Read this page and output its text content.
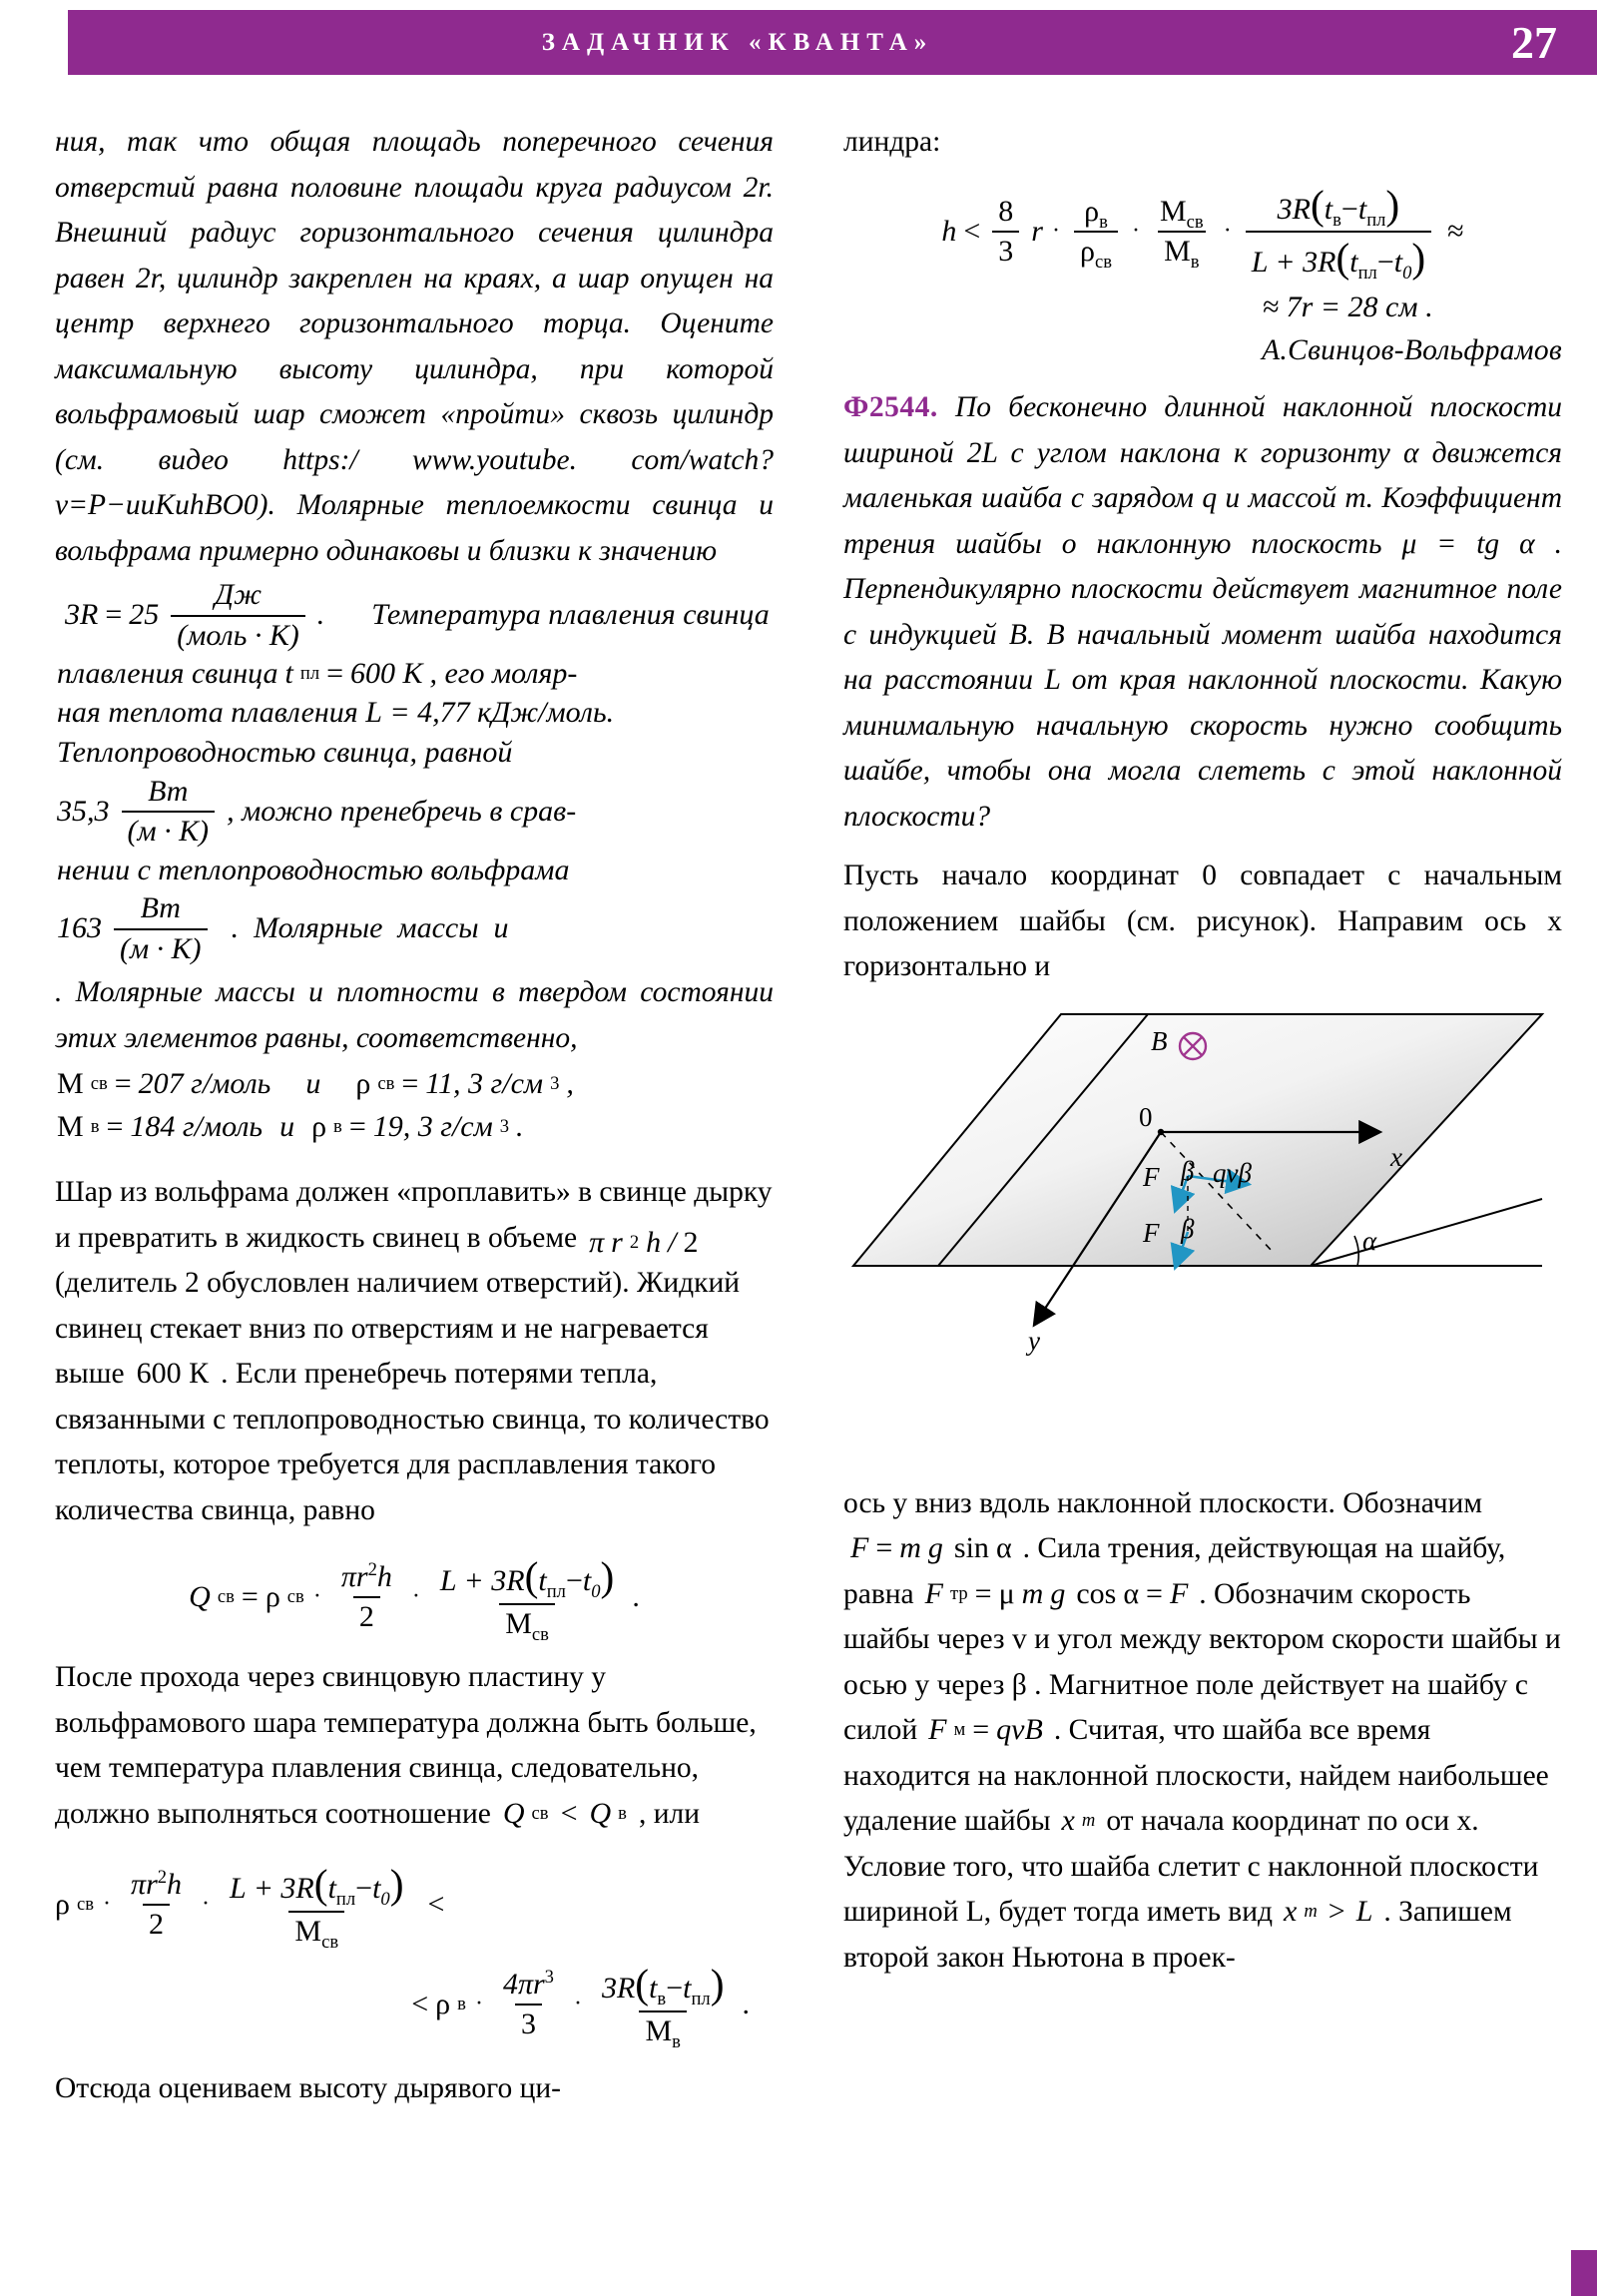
ЗАДАЧНИК «КВАНТА»	27

ния, так что общая площадь поперечного сечения отверстий равна половине площади круга радиусом 2r. Внешний радиус горизонтального сечения цилиндра равен 2r, цилиндр закреплен на краях, а шар опущен на центр верхнего горизонтального торца. Оцените максимальную высоту цилиндра, при которой вольфрамовый шар сможет «пройти» сквозь цилиндр (см. видео https:/ www.youtube. com/watch?v=P−uuKuhBO0). Молярные теплоемкости свинца и вольфрама примерно одинаковы и близки к значению

$3R = 25 \frac{Дж}{\text{(моль · К)}}$ .	Температура плавления свинца
плавления свинца t пл = 600 К , его моляр-
ная теплота плавления L = 4,77 кДж/моль.
Теплопроводностью свинца, равной
$35,3 \frac{Вт}{(м \cdot К)}$ , можно пренебречь в срав-
нении с теплопроводностью вольфрама
$163 \frac{Вт}{(м \cdot К)}$ .  Молярные  массы  и

. Молярные массы и плотности в твердом состоянии этих элементов равны, соответственно,

М св = 207 г/моль	и	ρ св = 11, 3 г/см 3 ,
М в = 184 г/моль и ρ в = 19, 3 г/см 3 .

Шар из вольфрама должен «проплавить» в свинце дырку и превратить в жидкость свинец в объеме

π r 2 h / 2

(делитель 2 обусловлен наличием отверстий). Жидкий свинец стекает вниз по отверстиям и не нагревается выше 600 К . Если пренебречь потерями тепла, связанными с теплопроводностью свинца, то количество теплоты, которое требуется для расплавления такого количества свинца, равно

Q св = ρ св · $\frac{\pi r^2h}{2} \cdot \frac{L + 3R(t_{пл}-t_0)}{М_{св}}$ .

После прохода через свинцовую пластину у вольфрамового шара температура должна быть больше, чем температура плавления свинца, следовательно, должно выполняться соотношение

Q св < Q в
, или

ρ св · $\frac{\pi r^2h}{2} \cdot \frac{L + 3R(t_{пл}-t_0)}{М_{св}}$ <
< ρ $в \cdot \frac{4\pi r^3}{3} \cdot \frac{3R(t_в-t_{пл})}{М_в}$ .

Отсюда оцениваем высоту дырявого ци-

линдра:

$h < \frac{8}{3}$ $r \cdot \frac{\rho_в}{\rho_{св}} \cdot \frac{М_{св}}{М_в} \cdot \frac{3R(t_в-t_{пл})}{L + 3R(t_{пл}-t_0)}$ ≈
≈ 7r = 28 см .
А.Свинцов-Вольфрамов

Ф2544. По бесконечно длинной наклонной плоскости шириной 2L с углом наклона к горизонту α движется маленькая шайба с зарядом q и массой m. Коэффициент трения шайбы о наклонную плоскость μ = tg α . Перпендикулярно плоскости действует магнитное поле с индукцией В. В начальный момент шайба находится на расстоянии L от края наклонной плоскости. Какую минимальную начальную скорость нужно сообщить шайбе, чтобы она могла слететь с этой наклонной плоскости?

Пусть начало координат 0 совпадает с начальным положением шайбы (см. рисунок). Направим ось x горизонтально и

B
0
x
y
F
F
β
β
qvβ
α

ось y вниз вдоль наклонной плоскости. Обозначим

F = m g sin α
. Сила трения, действующая на шайбу, равна

F тр = μ m g cos α = F
. Обозначим скорость шайбы через v и угол между вектором скорости шайбы и осью y через β . Магнитное поле действует на шайбу с силой

F м = qvB
. Считая, что шайба все время находится на наклонной плоскости, найдем наибольшее удаление шайбы

x m
от начала координат по оси x. Условие того, что шайба слетит с наклонной плоскости шириной L, будет тогда иметь вид

x m > L
. Запишем второй закон Ньютона в проек-
